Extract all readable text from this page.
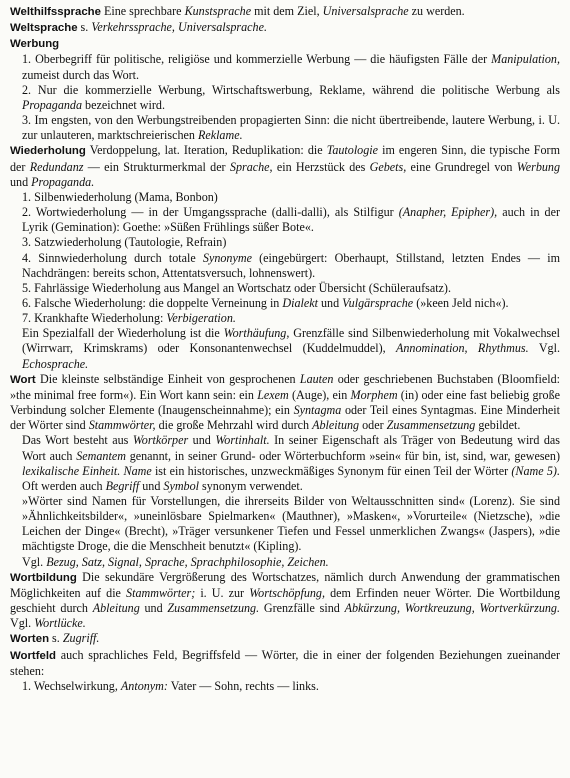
Welthilfssprache Eine sprechbare Kunstsprache mit dem Ziel, Universalsprache zu werden.

Weltsprache s. Verkehrssprache, Universalsprache.

Werbung

1. Oberbegriff für politische, religiöse und kommerzielle Werbung — die häufigsten Fälle der Manipulation, zumeist durch das Wort.

2. Nur die kommerzielle Werbung, Wirtschaftswerbung, Reklame, während die politische Werbung als Propaganda bezeichnet wird.

3. Im engsten, von den Werbungstreibenden propagierten Sinn: die nicht übertreibende, lautere Werbung, i. U. zur unlauteren, marktschreierischen Reklame.

Wiederholung Verdoppelung, lat. Iteration, Reduplikation: die Tautologie im engeren Sinn, die typische Form der Redundanz — ein Strukturmerkmal der Sprache, ein Herzstück des Gebets, eine Grundregel von Werbung und Propaganda.

1. Silbenwiederholung (Mama, Bonbon)

2. Wortwiederholung — in der Umgangssprache (dalli-dalli), als Stilfigur (Anapher, Epipher), auch in der Lyrik (Gemination): Goethe: »Süßen Frühlings süßer Bote«.

3. Satzwiederholung (Tautologie, Refrain)

4. Sinnwiederholung durch totale Synonyme (eingebürgert: Oberhaupt, Stillstand, letzten Endes — im Nachdrängen: bereits schon, Attentatsversuch, lohnenswert).

5. Fahrlässige Wiederholung aus Mangel an Wortschatz oder Übersicht (Schüleraufsatz).

6. Falsche Wiederholung: die doppelte Verneinung in Dialekt und Vulgärsprache (»keen Jeld nich«).

7. Krankhafte Wiederholung: Verbigeration.

Ein Spezialfall der Wiederholung ist die Worthäufung, Grenzfälle sind Silbenwiederholung mit Vokalwechsel (Wirrwarr, Krimskrams) oder Konsonantenwechsel (Kuddelmuddel), Annomination, Rhythmus. Vgl. Echosprache.

Wort Die kleinste selbständige Einheit von gesprochenen Lauten oder geschriebenen Buchstaben (Bloomfield: »the minimal free form«). Ein Wort kann sein: ein Lexem (Auge), ein Morphem (in) oder eine fast beliebig große Verbindung solcher Elemente (Inaugenscheinnahme); ein Syntagma oder Teil eines Syntagmas. Eine Minderheit der Wörter sind Stammwörter, die große Mehrzahl wird durch Ableitung oder Zusammensetzung gebildet.

Das Wort besteht aus Wortkörper und Wortinhalt. In seiner Eigenschaft als Träger von Bedeutung wird das Wort auch Semantem genannt, in seiner Grund- oder Wörterbuchform »sein« für bin, ist, sind, war, gewesen) lexikalische Einheit. Name ist ein historisches, unzweckmäßiges Synonym für einen Teil der Wörter (Name 5). Oft werden auch Begriff und Symbol synonym verwendet.

»Wörter sind Namen für Vorstellungen, die ihrerseits Bilder von Weltausschnitten sind« (Lorenz). Sie sind »Ähnlichkeitsbilder«, »uneinlösbare Spielmarken« (Mauthner), »Masken«, »Vorurteile« (Nietzsche), »die Leichen der Dinge« (Brecht), »Träger versunkener Tiefen und Fessel unmerklichen Zwangs« (Jaspers), »die mächtigste Droge, die die Menschheit benutzt« (Kipling).

Vgl. Bezug, Satz, Signal, Sprache, Sprachphilosophie, Zeichen.

Wortbildung Die sekundäre Vergrößerung des Wortschatzes, nämlich durch Anwendung der grammatischen Möglichkeiten auf die Stammwörter; i. U. zur Wortschöpfung, dem Erfinden neuer Wörter. Die Wortbildung geschieht durch Ableitung und Zusammensetzung. Grenzfälle sind Abkürzung, Wortkreuzung, Wortverkürzung. Vgl. Wortlücke.

Worten s. Zugriff.

Wortfeld auch sprachliches Feld, Begriffsfeld — Wörter, die in einer der folgenden Beziehungen zueinander stehen:

1. Wechselwirkung, Antonym: Vater — Sohn, rechts — links.
